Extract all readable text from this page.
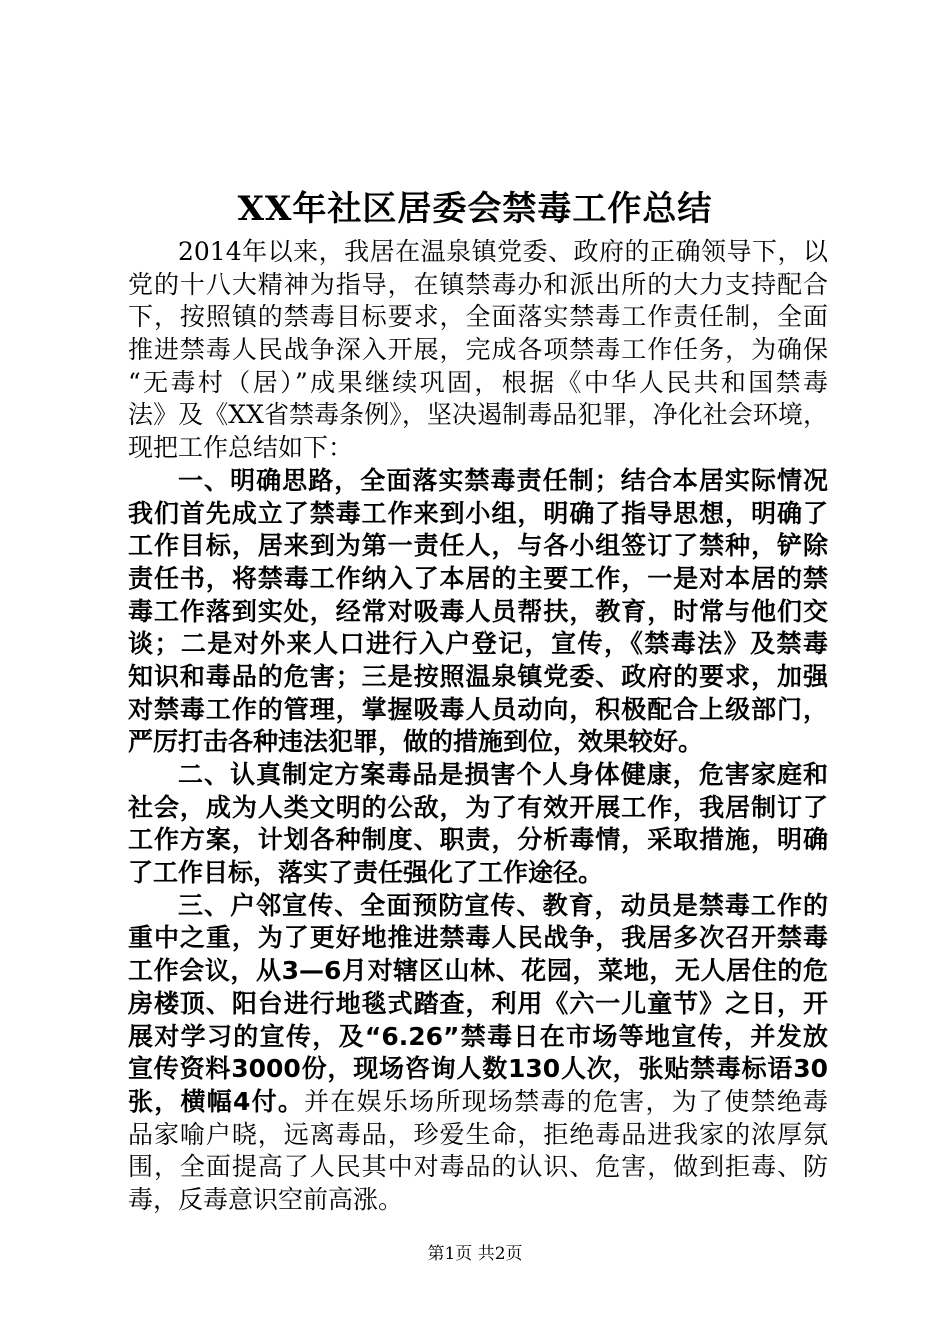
XX年社区居委会禁毒工作总结
2014年以来，我居在温泉镇党委、政府的正确领导下，以
党的十八大精神为指导，在镇禁毒办和派出所的大力支持配合
下，按照镇的禁毒目标要求，全面落实禁毒工作责任制，全面
推进禁毒人民战争深入开展，完成各项禁毒工作任务，为确保
“无毒村（居）”成果继续巩固，根据《中华人民共和国禁毒
法》及《XX省禁毒条例》，坚决遏制毒品犯罪，净化社会环境，
现把工作总结如下：
一、明确思路，全面落实禁毒责任制；结合本居实际情况
我们首先成立了禁毒工作来到小组，明确了指导思想，明确了
工作目标，居来到为第一责任人，与各小组签订了禁种，铲除
责任书，将禁毒工作纳入了本居的主要工作，一是对本居的禁
毒工作落到实处，经常对吸毒人员帮扶，教育，时常与他们交
谈；二是对外来人口进行入户登记，宣传，《禁毒法》及禁毒
知识和毒品的危害；三是按照温泉镇党委、政府的要求，加强
对禁毒工作的管理，掌握吸毒人员动向，积极配合上级部门，
严厉打击各种违法犯罪，做的措施到位，效果较好。
二、认真制定方案毒品是损害个人身体健康，危害家庭和
社会，成为人类文明的公敌，为了有效开展工作，我居制订了
工作方案，计划各种制度、职责，分析毒情，采取措施，明确
了工作目标，落实了责任强化了工作途径。
三、户邻宣传、全面预防宣传、教育，动员是禁毒工作的
重中之重，为了更好地推进禁毒人民战争，我居多次召开禁毒
工作会议，从3—6月对辖区山林、花园，菜地，无人居住的危
房楼顶、阳台进行地毯式踏查，利用《六一儿童节》之日，开
展对学习的宣传，及“6.26”禁毒日在市场等地宣传，并发放
宣传资料3000份，现场咨询人数130人次，张贴禁毒标语30
张，横幅4付。并在娱乐场所现场禁毒的危害，为了使禁绝毒
品家喻户晓，远离毒品，珍爱生命，拒绝毒品进我家的浓厚氛
围，全面提高了人民其中对毒品的认识、危害，做到拒毒、防
毒，反毒意识空前高涨。
第1页 共2页
